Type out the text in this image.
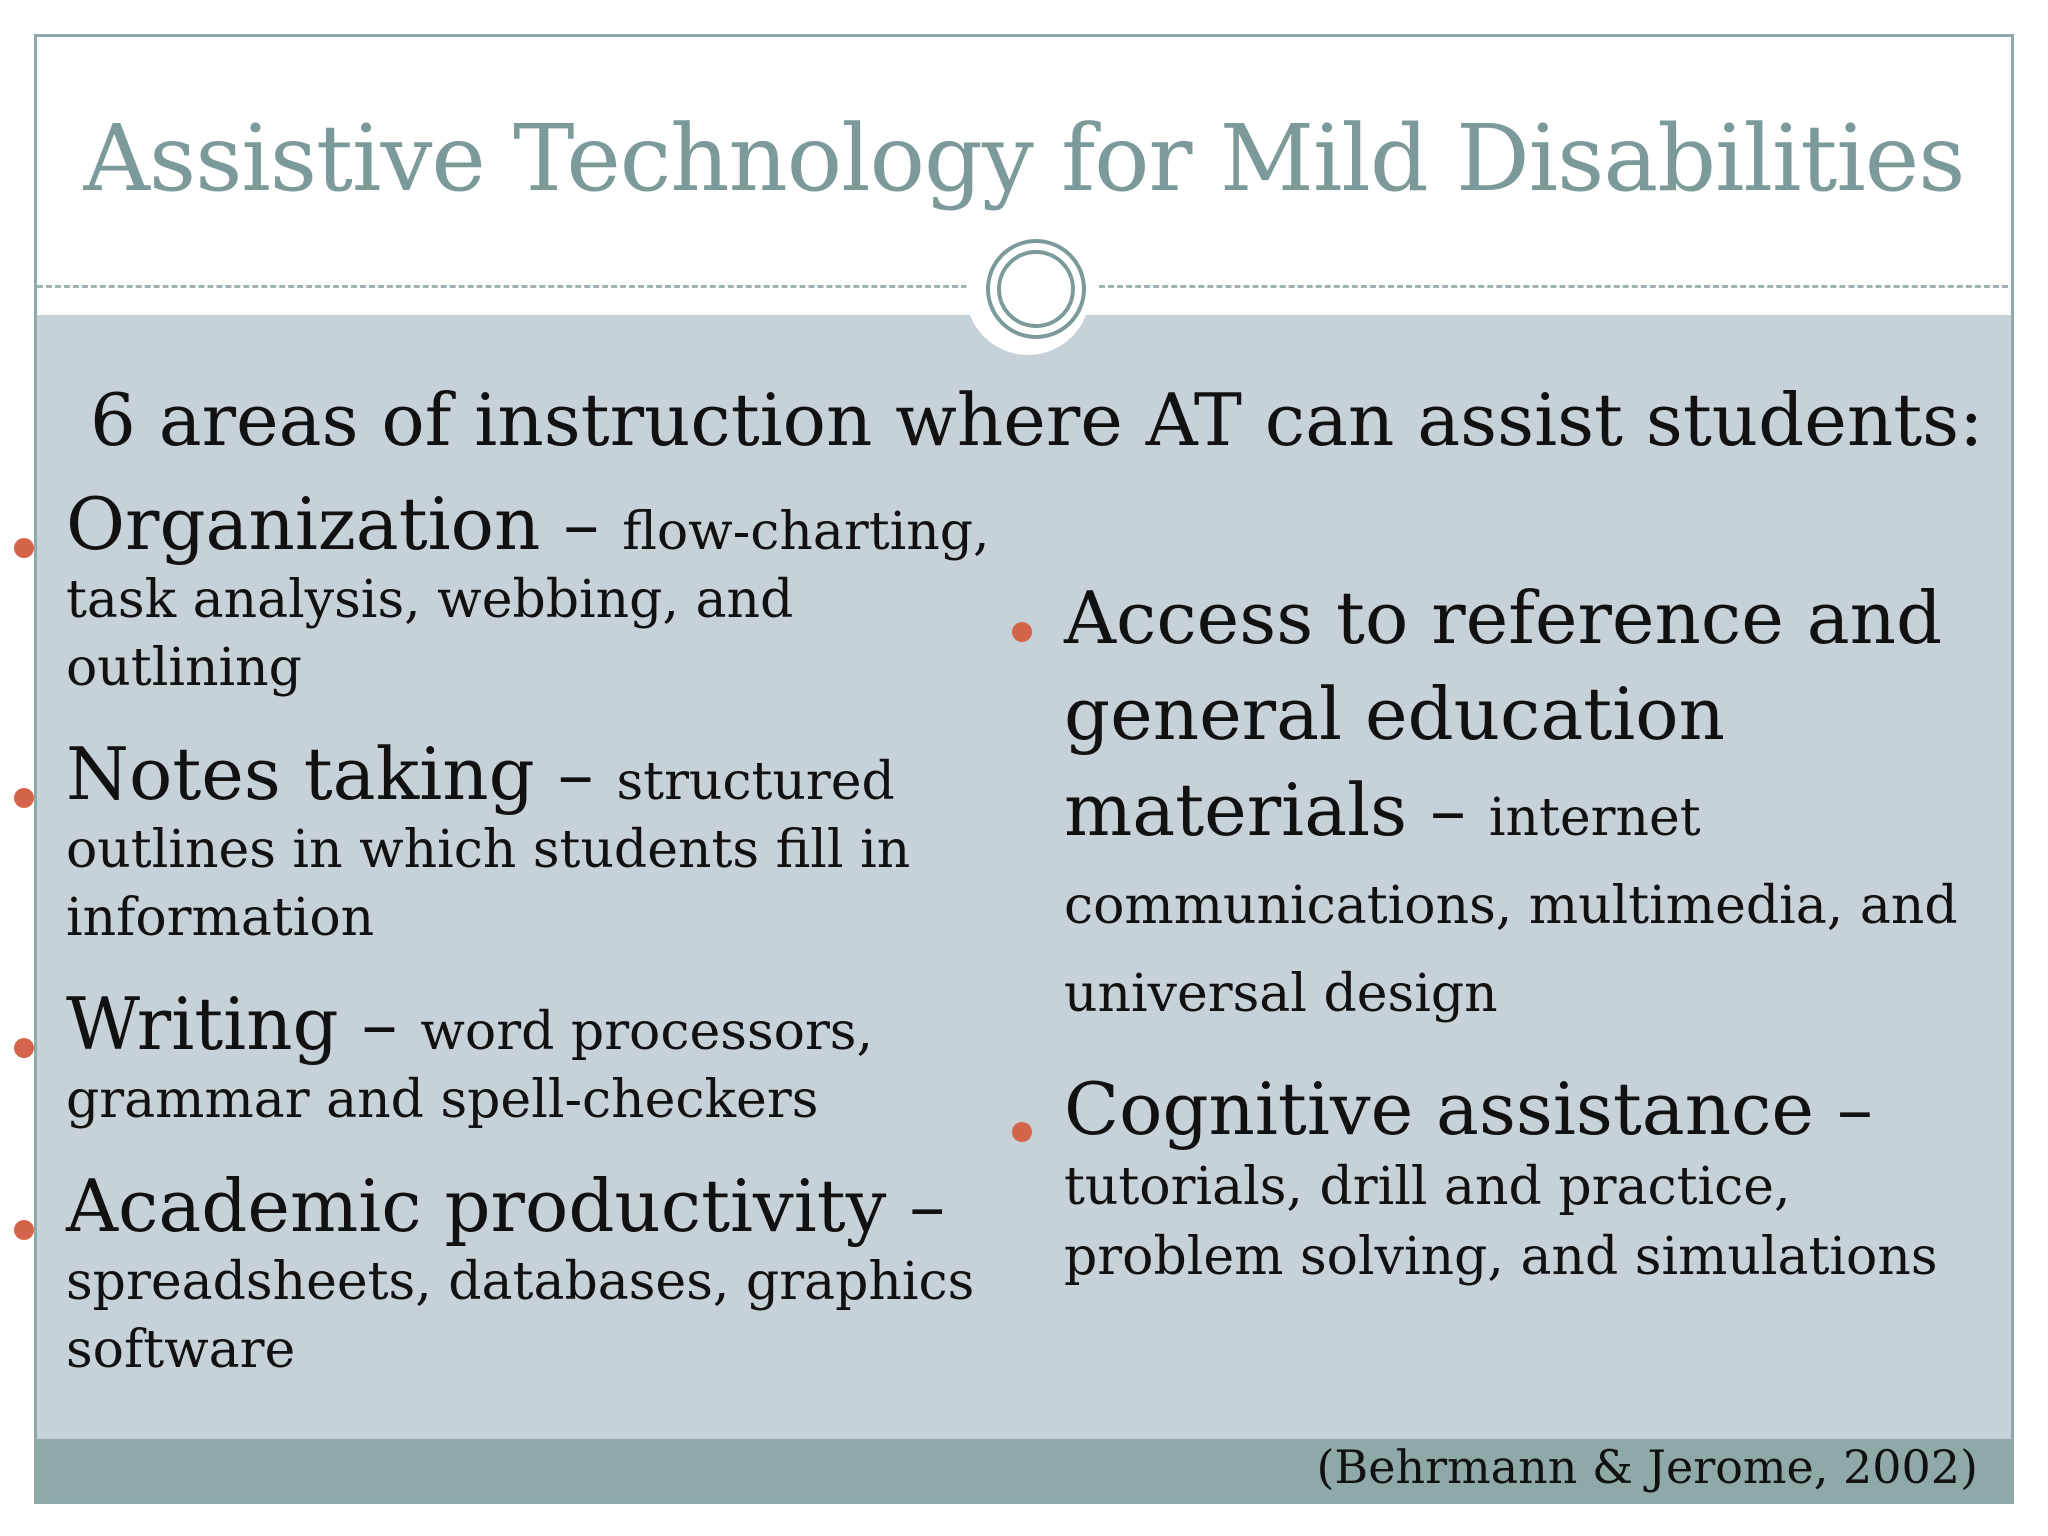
Assistive Technology for Mild Disabilities
6 areas of instruction where AT can assist students:
Organization – flow-charting, task analysis, webbing, and outlining
Notes taking – structured outlines in which students fill in information
Writing – word processors, grammar and spell-checkers
Academic productivity – spreadsheets, databases, graphics software
Access to reference and general education materials – internet communications, multimedia, and universal design
Cognitive assistance – tutorials, drill and practice, problem solving, and simulations
(Behrmann & Jerome, 2002)
